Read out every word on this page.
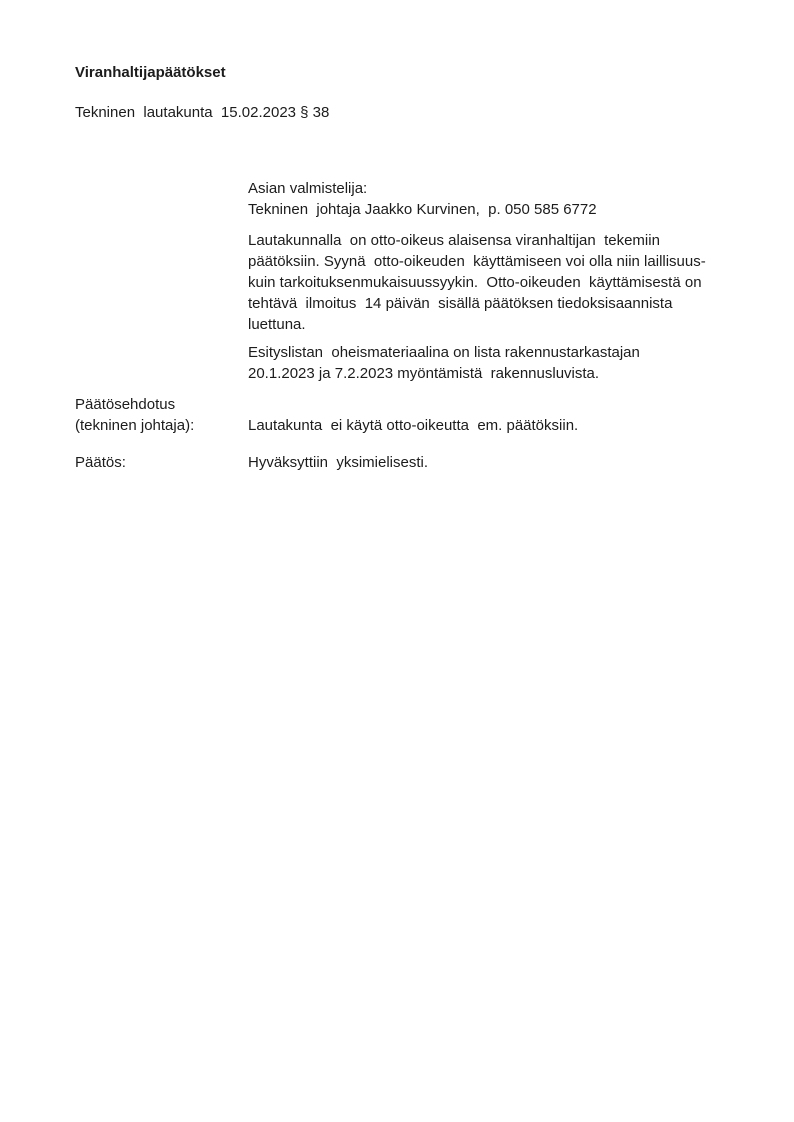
Viranhaltijapäätökset
Tekninen  lautakunta  15.02.2023 § 38
Asian valmistelija:
Tekninen  johtaja Jaakko Kurvinen,  p. 050 585 6772
Lautakunnalla  on otto-oikeus alaisensa viranhaltijan  tekemiin
päätöksiin. Syynä  otto-oikeuden  käyttämiseen voi olla niin laillisuus-
kuin tarkoituksenmukaisuussyykin.  Otto-oikeuden  käyttämisestä on
tehtävä  ilmoitus  14 päivän  sisällä päätöksen tiedoksisaannista
luettuna.
Esityslistan  oheismateriaalina on lista rakennustarkastajan
20.1.2023 ja 7.2.2023 myöntämistä  rakennusluvista.
Päätösehdotus
(tekninen johtaja):	Lautakunta  ei käytä otto-oikeutta  em. päätöksiin.
Päätös:	Hyväksyttiin  yksimielisesti.
